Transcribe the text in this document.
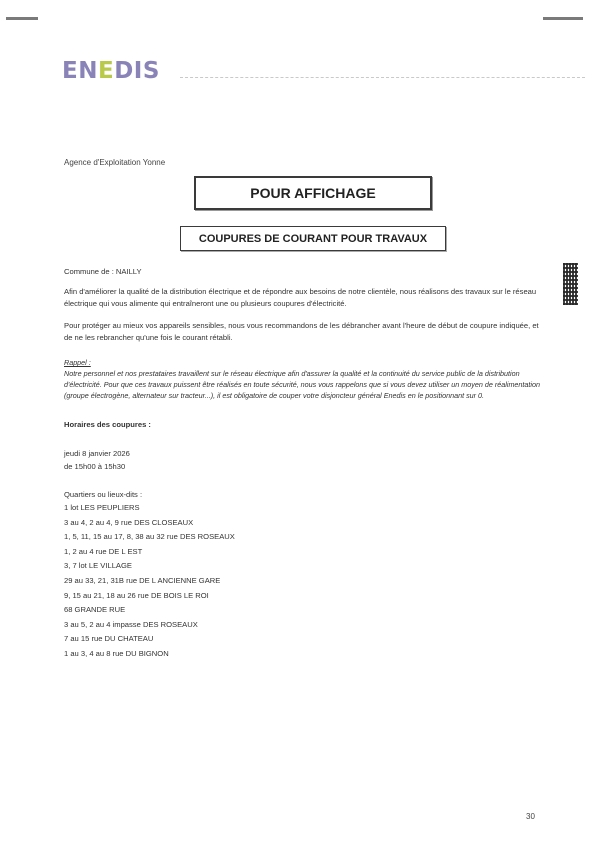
ENEDIS
Agence d'Exploitation Yonne
POUR AFFICHAGE
COUPURES DE COURANT POUR TRAVAUX
Commune de : NAILLY
Afin d'améliorer la qualité de la distribution électrique et de répondre aux besoins de notre clientèle, nous réalisons des travaux sur le réseau électrique qui vous alimente qui entraîneront une ou plusieurs coupures d'électricité.
Pour protéger au mieux vos appareils sensibles, nous vous recommandons de les débrancher avant l'heure de début de coupure indiquée, et de ne les rebrancher qu'une fois le courant rétabli.
Rappel :
Notre personnel et nos prestataires travaillent sur le réseau électrique afin d'assurer la qualité et la continuité du service public de la distribution d'électricité. Pour que ces travaux puissent être réalisés en toute sécurité, nous vous rappelons que si vous devez utiliser un moyen de réalimentation (groupe électrogène, alternateur sur tracteur...), il est obligatoire de couper votre disjoncteur général Enedis en le positionnant sur 0.
Horaires des coupures :
jeudi 8 janvier 2026
de 15h00 à 15h30
Quartiers ou lieux-dits :
1 lot LES PEUPLIERS
3 au 4, 2 au 4, 9 rue DES CLOSEAUX
1, 5, 11, 15 au 17, 8, 38 au 32 rue DES ROSEAUX
1, 2 au 4 rue DE L EST
3, 7 lot LE VILLAGE
29 au 33, 21, 31B rue DE L ANCIENNE GARE
9, 15 au 21, 18 au 26 rue DE BOIS LE ROI
68 GRANDE RUE
3 au 5, 2 au 4 impasse DES ROSEAUX
7 au 15 rue DU CHATEAU
1 au 3, 4 au 8 rue DU BIGNON
30
